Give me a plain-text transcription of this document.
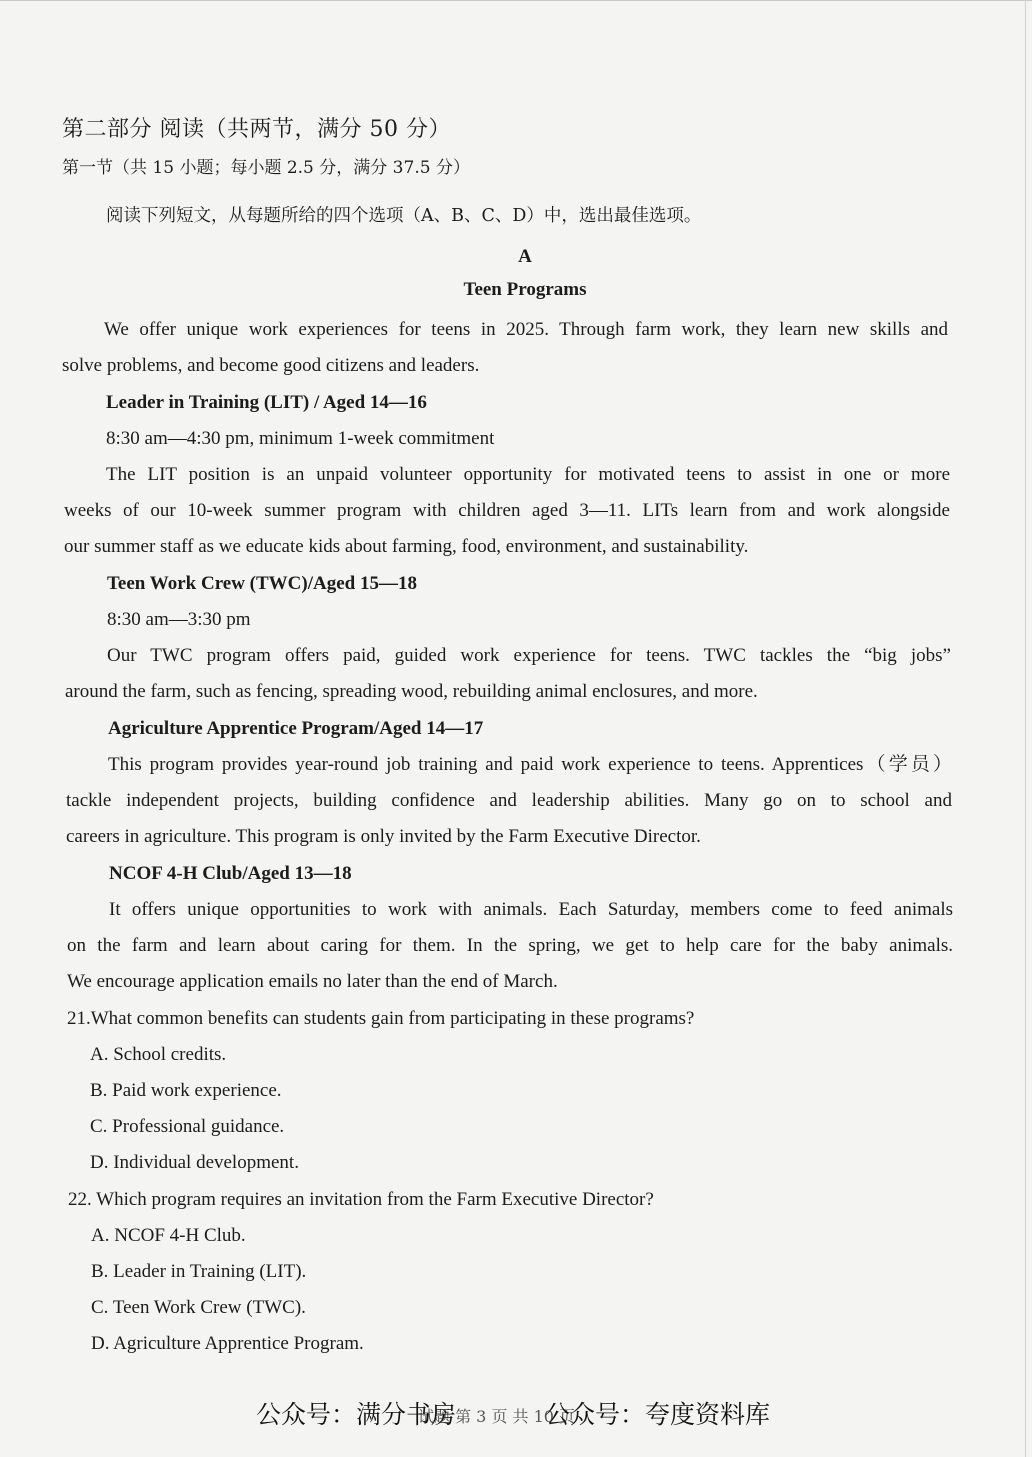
第二部分 阅读（共两节，满分 50 分）
第一节（共 15 小题；每小题 2.5 分，满分 37.5 分）
阅读下列短文，从每题所给的四个选项（A、B、C、D）中，选出最佳选项。
A
Teen Programs

We offer unique work experiences for teens in 2025. Through farm work, they learn new skills and

solve problems, and become good citizens and leaders.

Leader in Training (LIT) / Aged 14—16
8:30 am—4:30 pm, minimum 1-week commitment

The LIT position is an unpaid volunteer opportunity for motivated teens to assist in one or more

weeks of our 10-week summer program with children aged 3—11. LITs learn from and work alongside

our summer staff as we educate kids about farming, food, environment, and sustainability.

Teen Work Crew (TWC)/Aged 15—18
8:30 am—3:30 pm

Our TWC program offers paid, guided work experience for teens. TWC tackles the “big jobs”

around the farm, such as fencing, spreading wood, rebuilding animal enclosures, and more.

Agriculture Apprentice Program/Aged 14—17

This program provides year-round job training and paid work experience to teens. Apprentices（学员）

tackle independent projects, building confidence and leadership abilities. Many go on to school and

careers in agriculture. This program is only invited by the Farm Executive Director.

NCOF 4-H Club/Aged 13—18

It offers unique opportunities to work with animals. Each Saturday, members come to feed animals

on the farm and learn about caring for them. In the spring, we get to help care for the baby animals.

We encourage application emails no later than the end of March.

21.What common benefits can students gain from participating in these programs?
A. School credits.
B. Paid work experience.
C. Professional guidance.
D. Individual development.
22. Which program requires an invitation from the Farm Executive Director?
A. NCOF 4-H Club.
B. Leader in Training (LIT).
C. Teen Work Crew (TWC).
D. Agriculture Apprentice Program.
试题 第 3 页 共 10 页
公众号：满分书房	公众号：夸度资料库
